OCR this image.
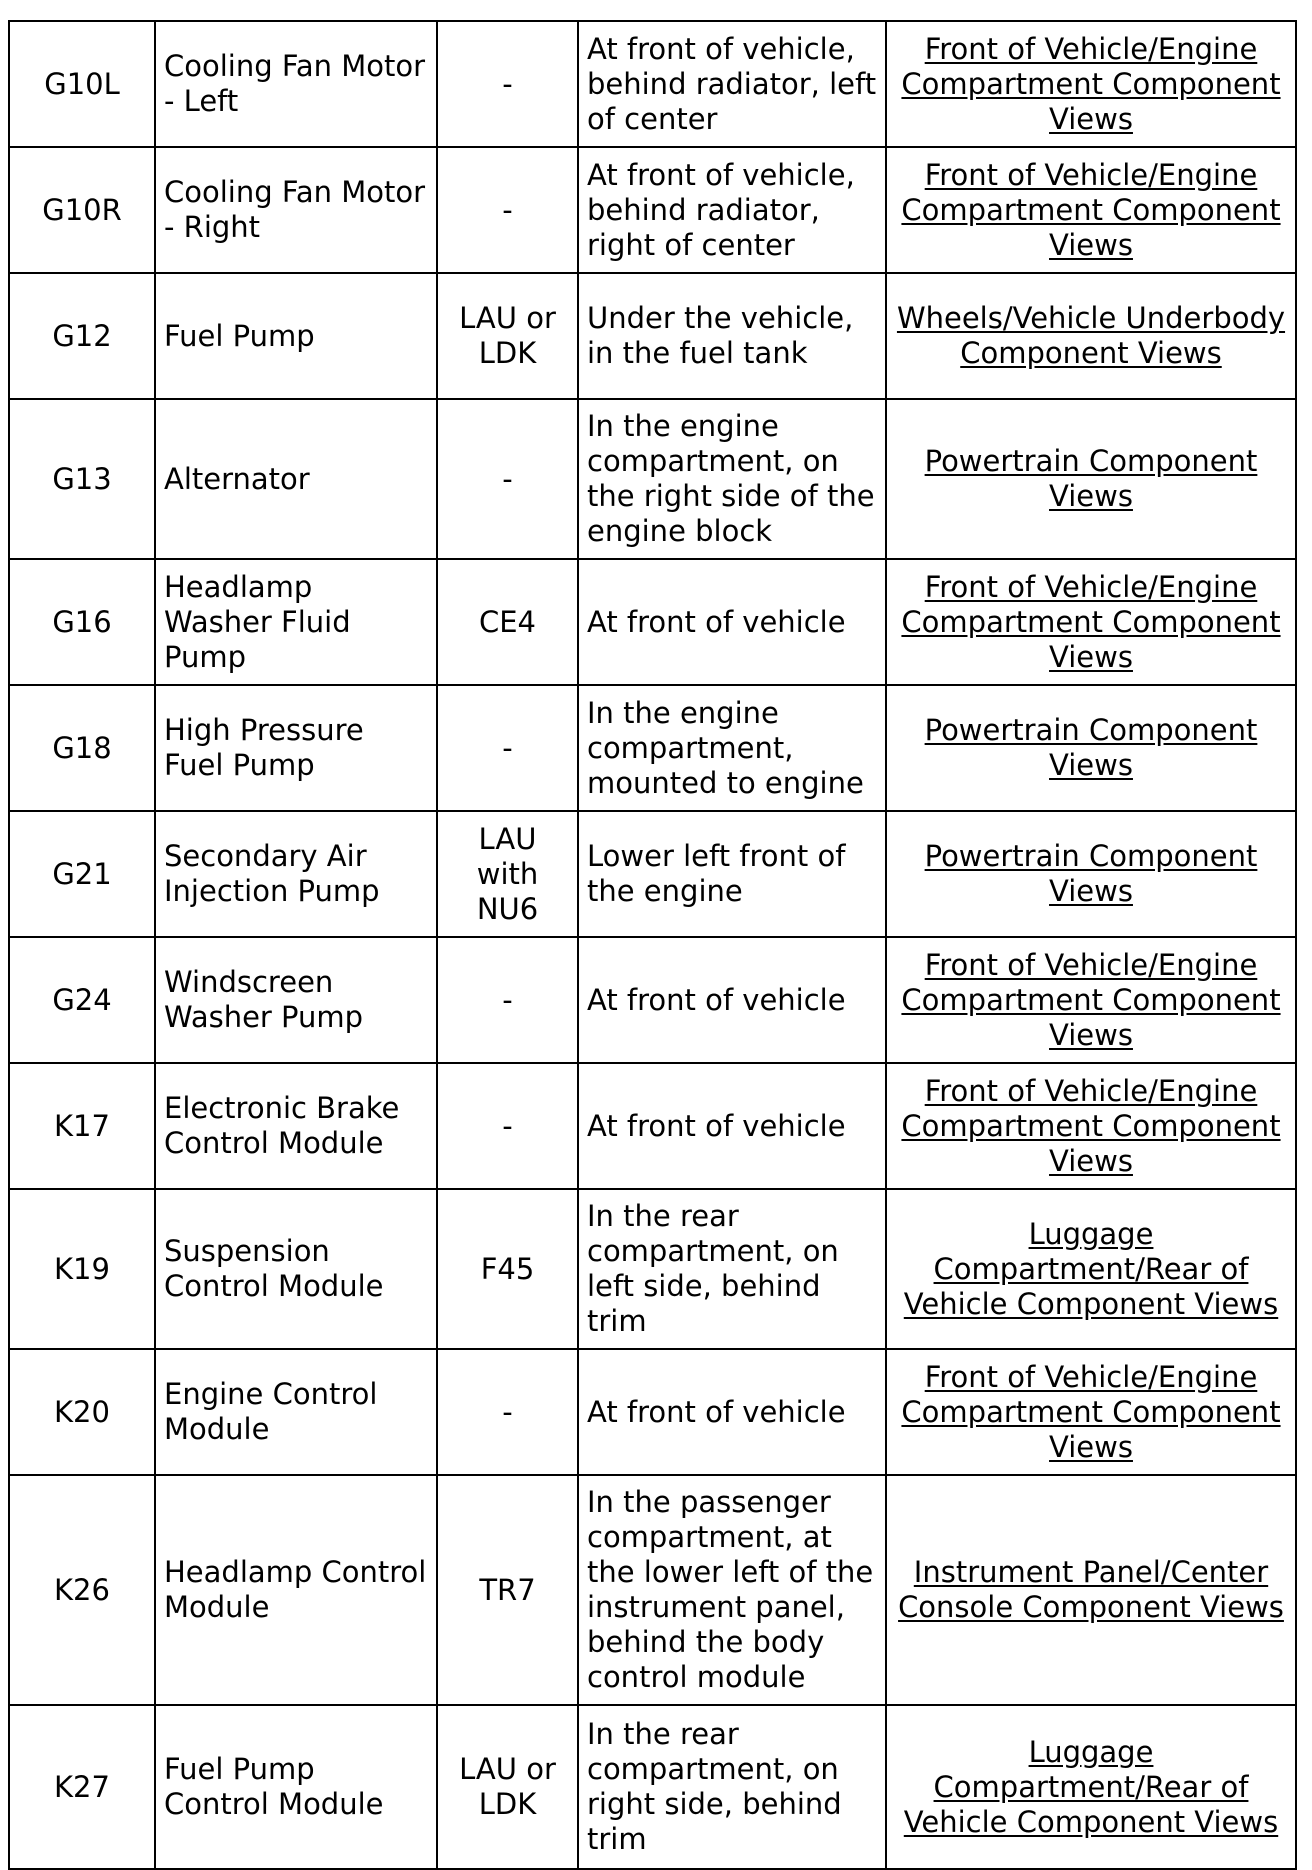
G10L	Cooling Fan Motor - Left	-	At front of vehicle, behind radiator, left of center	Front of Vehicle/Engine Compartment Component Views
G10R	Cooling Fan Motor - Right	-	At front of vehicle, behind radiator, right of center	Front of Vehicle/Engine Compartment Component Views
G12	Fuel Pump	LAU or LDK	Under the vehicle, in the fuel tank	Wheels/Vehicle Underbody Component Views
G13	Alternator	-	In the engine compartment, on the right side of the engine block	Powertrain Component Views
G16	Headlamp Washer Fluid Pump	CE4	At front of vehicle	Front of Vehicle/Engine Compartment Component Views
G18	High Pressure Fuel Pump	-	In the engine compartment, mounted to engine	Powertrain Component Views
G21	Secondary Air Injection Pump	LAU with NU6	Lower left front of the engine	Powertrain Component Views
G24	Windscreen Washer Pump	-	At front of vehicle	Front of Vehicle/Engine Compartment Component Views
K17	Electronic Brake Control Module	-	At front of vehicle	Front of Vehicle/Engine Compartment Component Views
K19	Suspension Control Module	F45	In the rear compartment, on left side, behind trim	Luggage Compartment/Rear of Vehicle Component Views
K20	Engine Control Module	-	At front of vehicle	Front of Vehicle/Engine Compartment Component Views
K26	Headlamp Control Module	TR7	In the passenger compartment, at the lower left of the instrument panel, behind the body control module	Instrument Panel/Center Console Component Views
K27	Fuel Pump Control Module	LAU or LDK	In the rear compartment, on right side, behind trim	Luggage Compartment/Rear of Vehicle Component Views
